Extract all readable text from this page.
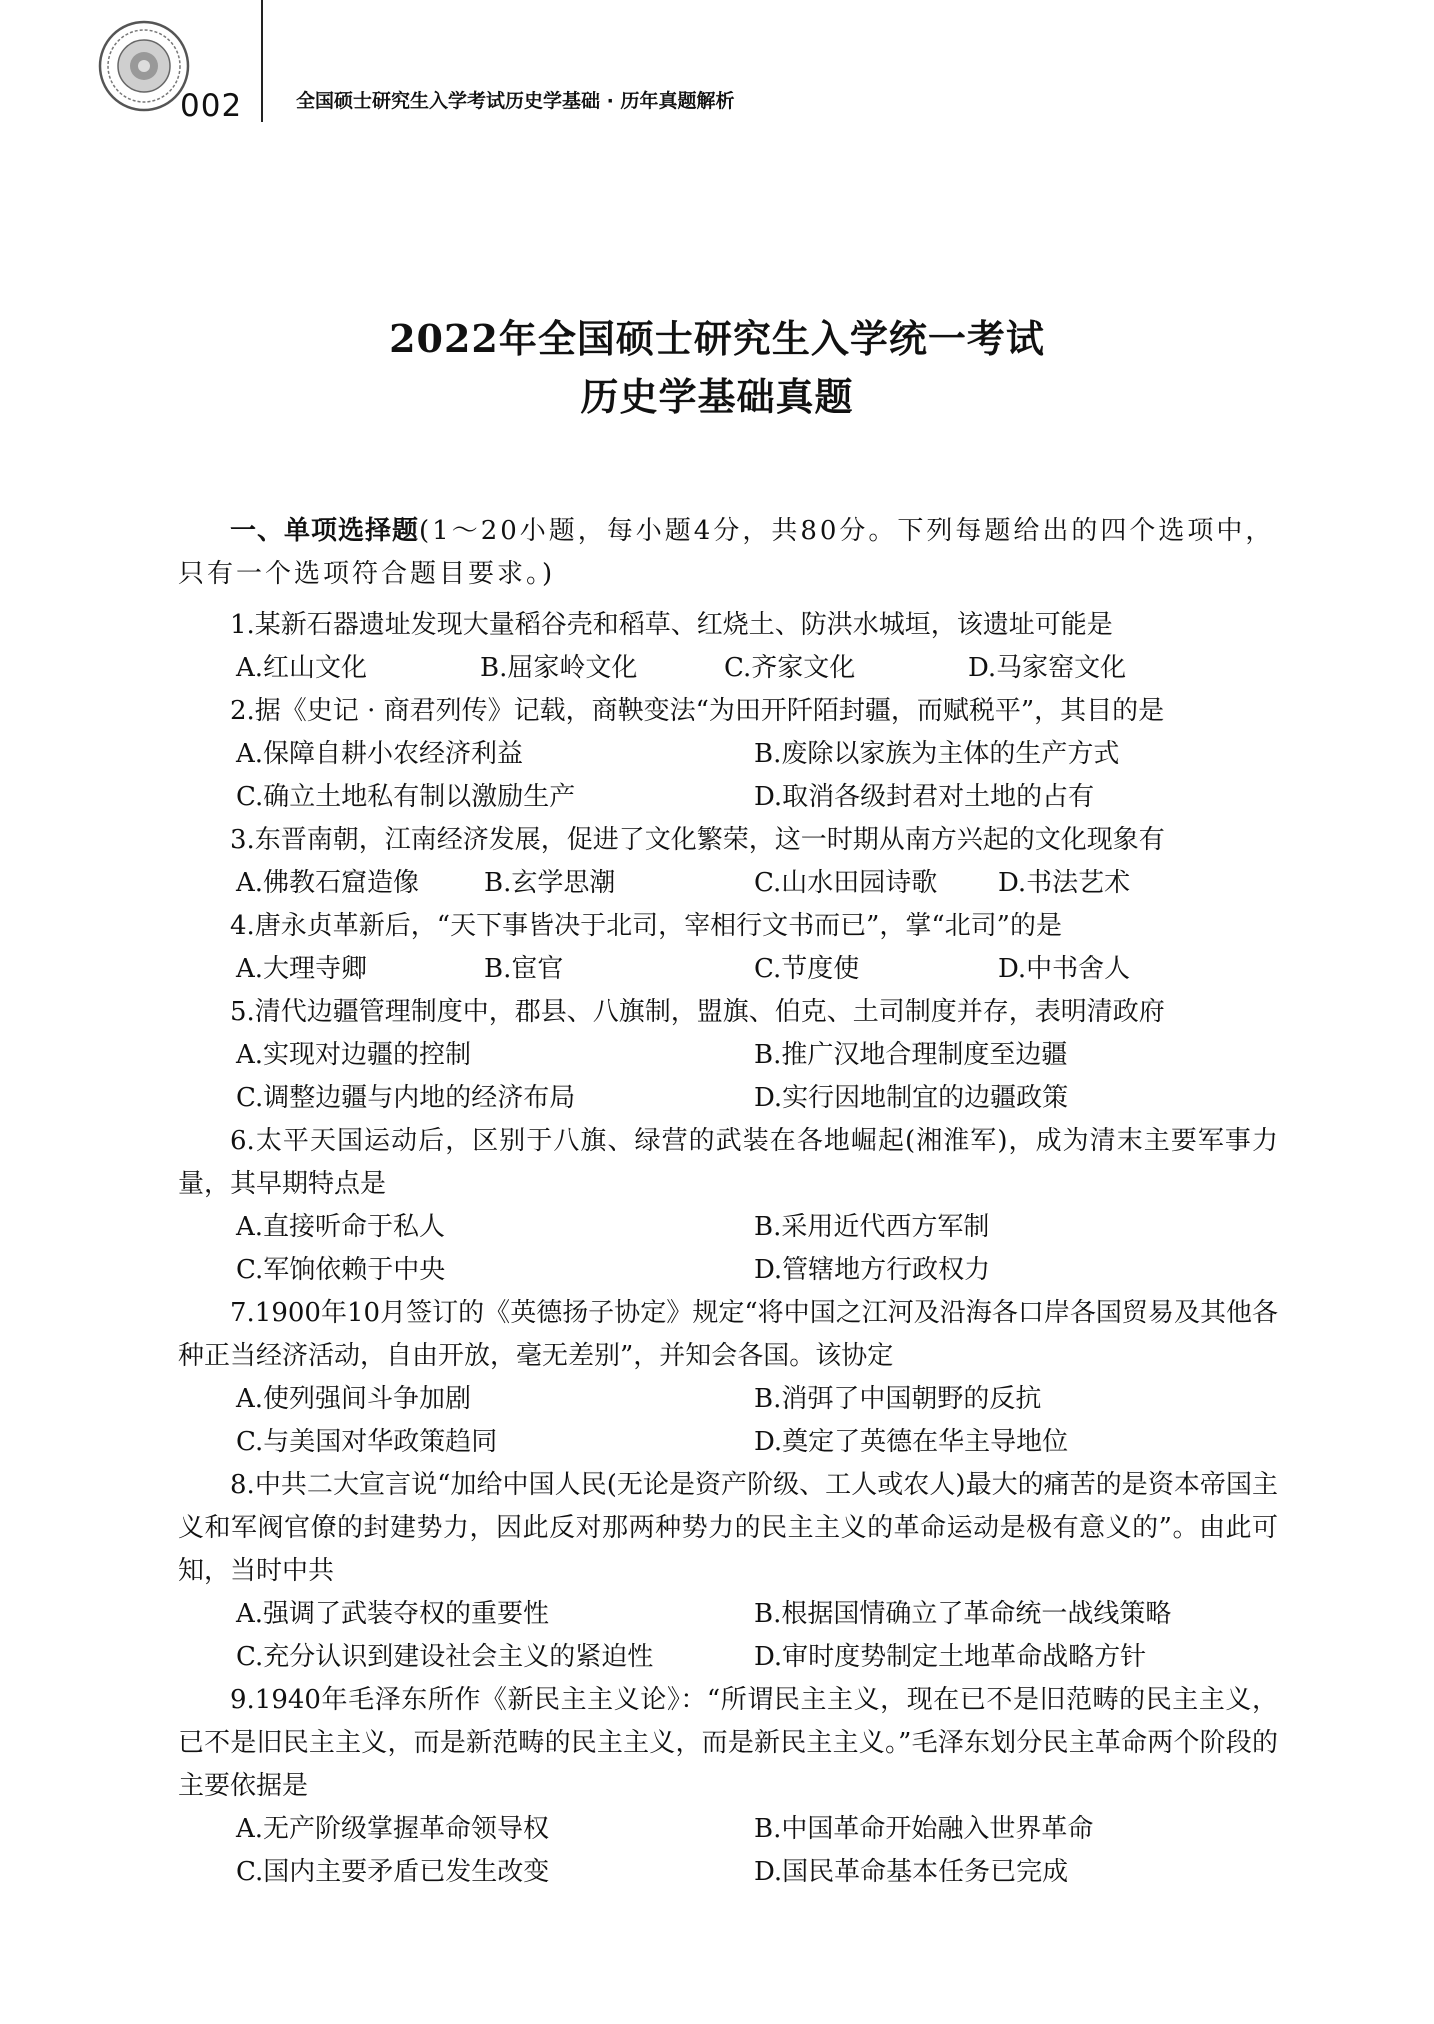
002	全国硕士研究生入学考试历史学基础 · 历年真题解析
2022年全国硕士研究生入学统一考试
历史学基础真题
一、单项选择题(1～20小题，每小题4分，共80分。下列每题给出的四个选项中，只有一个选项符合题目要求。)
1.某新石器遗址发现大量稻谷壳和稻草、红烧土、防洪水城垣，该遗址可能是
A.红山文化	B.屈家岭文化	C.齐家文化	D.马家窑文化
2.据《史记 · 商君列传》记载，商鞅变法“为田开阡陌封疆，而赋税平”，其目的是
A.保障自耕小农经济利益	B.废除以家族为主体的生产方式
C.确立土地私有制以激励生产	D.取消各级封君对土地的占有
3.东晋南朝，江南经济发展，促进了文化繁荣，这一时期从南方兴起的文化现象有
A.佛教石窟造像	B.玄学思潮	C.山水田园诗歌	D.书法艺术
4.唐永贞革新后，“天下事皆决于北司，宰相行文书而已”，掌“北司”的是
A.大理寺卿	B.宦官	C.节度使	D.中书舍人
5.清代边疆管理制度中，郡县、八旗制，盟旗、伯克、土司制度并存，表明清政府
A.实现对边疆的控制	B.推广汉地合理制度至边疆
C.调整边疆与内地的经济布局	D.实行因地制宜的边疆政策
6.太平天国运动后，区别于八旗、绿营的武装在各地崛起(湘淮军)，成为清末主要军事力量，其早期特点是
A.直接听命于私人	B.采用近代西方军制
C.军饷依赖于中央	D.管辖地方行政权力
7.1900年10月签订的《英德扬子协定》规定“将中国之江河及沿海各口岸各国贸易及其他各种正当经济活动，自由开放，毫无差别”，并知会各国。该协定
A.使列强间斗争加剧	B.消弭了中国朝野的反抗
C.与美国对华政策趋同	D.奠定了英德在华主导地位
8.中共二大宣言说“加给中国人民(无论是资产阶级、工人或农人)最大的痛苦的是资本帝国主义和军阀官僚的封建势力，因此反对那两种势力的民主主义的革命运动是极有意义的”。由此可知，当时中共
A.强调了武装夺权的重要性	B.根据国情确立了革命统一战线策略
C.充分认识到建设社会主义的紧迫性	D.审时度势制定土地革命战略方针
9.1940年毛泽东所作《新民主主义论》：“所谓民主主义，现在已不是旧范畴的民主主义，已不是旧民主主义，而是新范畴的民主主义，而是新民主主义。”毛泽东划分民主革命两个阶段的主要依据是
A.无产阶级掌握革命领导权	B.中国革命开始融入世界革命
C.国内主要矛盾已发生改变	D.国民革命基本任务已完成
